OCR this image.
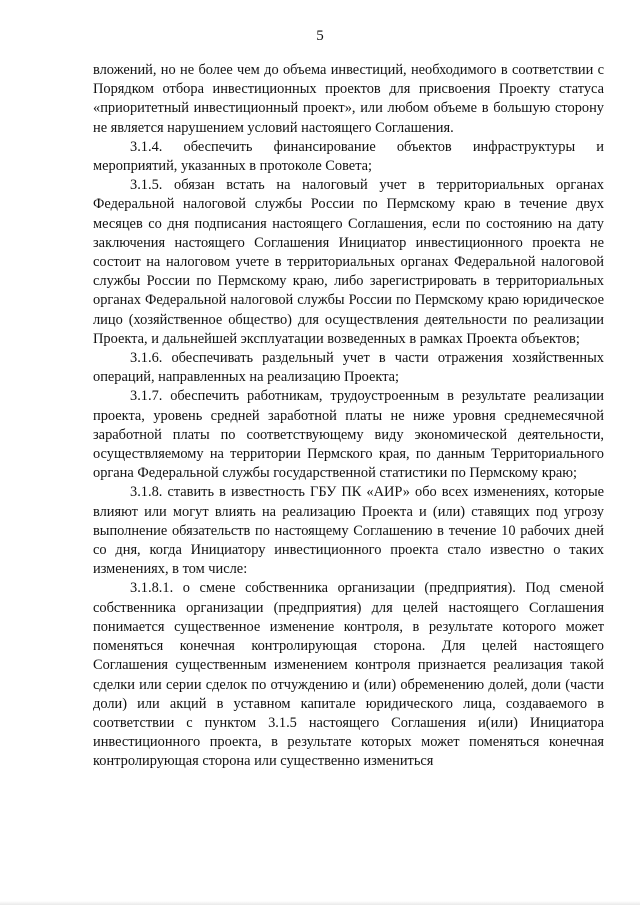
5

вложений, но не более чем до объема инвестиций, необходимого в соответствии с Порядком отбора инвестиционных проектов для присвоения Проекту статуса «приоритетный инвестиционный проект», или любом объеме в большую сторону не является нарушением условий настоящего Соглашения.

3.1.4. обеспечить финансирование объектов инфраструктуры и мероприятий, указанных в протоколе Совета;

3.1.5. обязан встать на налоговый учет в территориальных органах Федеральной налоговой службы России по Пермскому краю в течение двух месяцев со дня подписания настоящего Соглашения, если по состоянию на дату заключения настоящего Соглашения Инициатор инвестиционного проекта не состоит на налоговом учете в территориальных органах Федеральной налоговой службы России по Пермскому краю, либо зарегистрировать в территориальных органах Федеральной налоговой службы России по Пермскому краю юридическое лицо (хозяйственное общество) для осуществления деятельности по реализации Проекта, и дальнейшей эксплуатации возведенных в рамках Проекта объектов;

3.1.6. обеспечивать раздельный учет в части отражения хозяйственных операций, направленных на реализацию Проекта;

3.1.7. обеспечить работникам, трудоустроенным в результате реализации проекта, уровень средней заработной платы не ниже уровня среднемесячной заработной платы по соответствующему виду экономической деятельности, осуществляемому на территории Пермского края, по данным Территориального органа Федеральной службы государственной статистики по Пермскому краю;

3.1.8. ставить в известность ГБУ ПК «АИР» обо всех изменениях, которые влияют или могут влиять на реализацию Проекта и (или) ставящих под угрозу выполнение обязательств по настоящему Соглашению в течение 10 рабочих дней со дня, когда Инициатору инвестиционного проекта стало известно о таких изменениях, в том числе:

3.1.8.1. о смене собственника организации (предприятия). Под сменой собственника организации (предприятия) для целей настоящего Соглашения понимается существенное изменение контроля, в результате которого может поменяться конечная контролирующая сторона. Для целей настоящего Соглашения существенным изменением контроля признается реализация такой сделки или серии сделок по отчуждению и (или) обременению долей, доли (части доли) или акций в уставном капитале юридического лица, создаваемого в соответствии с пунктом 3.1.5 настоящего Соглашения и(или) Инициатора инвестиционного проекта, в результате которых может поменяться конечная контролирующая сторона или существенно измениться
